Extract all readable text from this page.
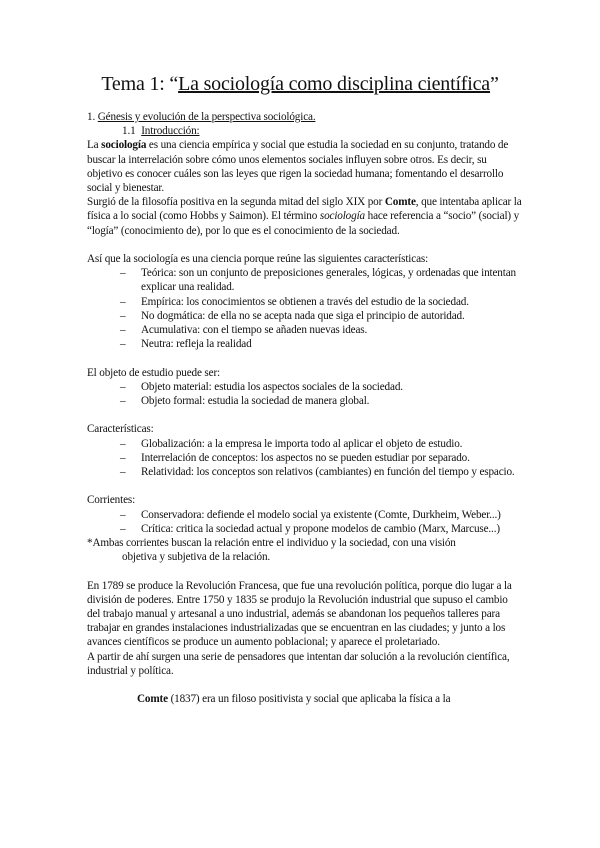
Tema 1: “La sociología como disciplina científica”

1. Génesis y evolución de la perspectiva sociológica.

1.1 Introducción:

La sociología es una ciencia empírica y social que estudia la sociedad en su conjunto, tratando de buscar la interrelación sobre cómo unos elementos sociales influyen sobre otros. Es decir, su objetivo es conocer cuáles son las leyes que rigen la sociedad humana; fomentando el desarrollo social y bienestar.

Surgió de la filosofía positiva en la segunda mitad del siglo XIX por Comte, que intentaba aplicar la física a lo social (como Hobbs y Saimon). El término sociología hace referencia a “socio” (social) y “logía” (conocimiento de), por lo que es el conocimiento de la sociedad.

Así que la sociología es una ciencia porque reúne las siguientes características:

– Teórica: son un conjunto de preposiciones generales, lógicas, y ordenadas que intentan explicar una realidad.
– Empírica: los conocimientos se obtienen a través del estudio de la sociedad.
– No dogmática: de ella no se acepta nada que siga el principio de autoridad.
– Acumulativa: con el tiempo se añaden nuevas ideas.
– Neutra: refleja la realidad

El objeto de estudio puede ser:

– Objeto material: estudia los aspectos sociales de la sociedad.
– Objeto formal: estudia la sociedad de manera global.

Características:

– Globalización: a la empresa le importa todo al aplicar el objeto de estudio.
– Interrelación de conceptos: los aspectos no se pueden estudiar por separado.
– Relatividad: los conceptos son relativos (cambiantes) en función del tiempo y espacio.

Corrientes:

– Conservadora: defiende el modelo social ya existente (Comte, Durkheim, Weber...)
– Crítica: critica la sociedad actual y propone modelos de cambio (Marx, Marcuse...)

*Ambas corrientes buscan la relación entre el individuo y la sociedad, con una visión

objetiva y subjetiva de la relación.

En 1789 se produce la Revolución Francesa, que fue una revolución política, porque dio lugar a la división de poderes. Entre 1750 y 1835 se produjo la Revolución industrial que supuso el cambio del trabajo manual y artesanal a uno industrial, además se abandonan los pequeños talleres para trabajar en grandes instalaciones industrializadas que se encuentran en las ciudades; y junto a los avances científicos se produce un aumento poblacional; y aparece el proletariado.

A partir de ahí surgen una serie de pensadores que intentan dar solución a la revolución científica, industrial y política.

Comte (1837) era un filoso positivista y social que aplicaba la física a la
